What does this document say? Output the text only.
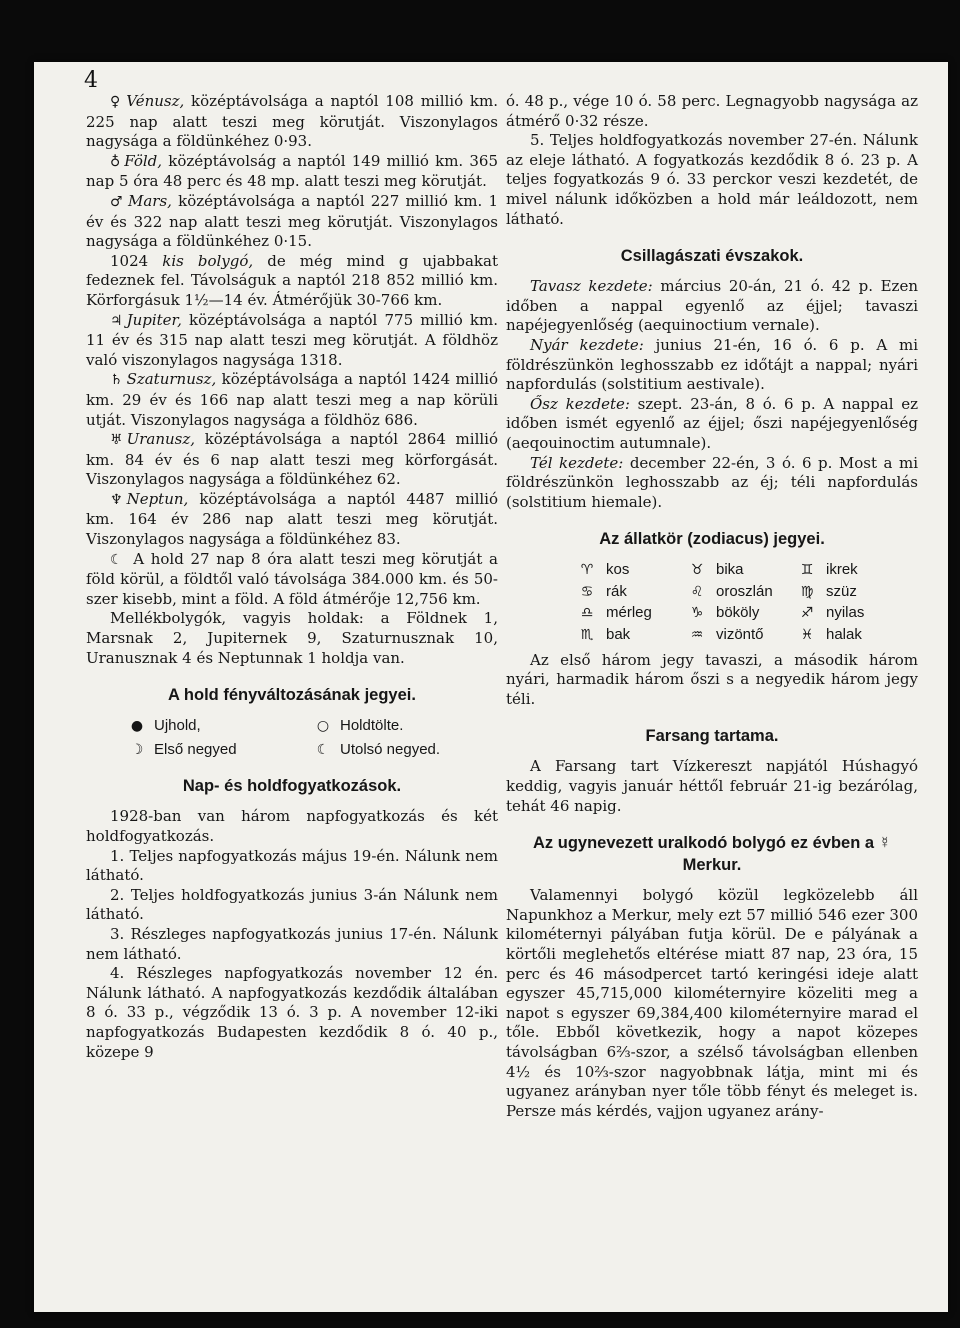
4

♀ Vénusz, középtávolsága a naptól 108 millió km. 225 nap alatt teszi meg körutját. Viszonylagos nagysága a földünkéhez 0·93.

♁ Föld, középtávolság a naptól 149 millió km. 365 nap 5 óra 48 perc és 48 mp. alatt teszi meg körutját.

♂ Mars, középtávolsága a naptól 227 millió km. 1 év és 322 nap alatt teszi meg körutját. Viszonylagos nagysága a földünkéhez 0·15.

1024 kis bolygó, de még mind g ujabbakat fedeznek fel. Távolságuk a naptól 218 852 millió km. Körforgásuk 1½—14 év. Átmérőjük 30-766 km.

♃ Jupiter, középtávolsága a naptól 775 millió km. 11 év és 315 nap alatt teszi meg körutját. A földhöz való viszonylagos nagysága 1318.

♄ Szaturnusz, középtávolsága a naptól 1424 millió km. 29 év és 166 nap alatt teszi meg a nap körüli utját. Viszonylagos nagysága a földhöz 686.

♅ Uranusz, középtávolsága a naptól 2864 millió km. 84 év és 6 nap alatt teszi meg körforgását. Viszonylagos nagysága a földünkéhez 62.

♆ Neptun, középtávolsága a naptól 4487 millió km. 164 év 286 nap alatt teszi meg körutját. Viszonylagos nagysága a földünkéhez 83.

☾ A hold 27 nap 8 óra alatt teszi meg körutját a föld körül, a földtől való távolsága 384.000 km. és 50-szer kisebb, mint a föld. A föld átmérője 12,756 km.

Mellékbolygók, vagyis holdak: a Földnek 1, Marsnak 2, Jupiternek 9, Szaturnusznak 10, Uranusznak 4 és Neptunnak 1 holdja van.

A hold fényváltozásának jegyei.
● Ujhold,	○ Holdtölte.
☽ Első negyed	☾ Utolsó negyed.
Nap- és holdfogyatkozások.

1928-ban van három napfogyatkozás és két holdfogyatkozás.

1. Teljes napfogyatkozás május 19-én. Nálunk nem látható.

2. Teljes holdfogyatkozás junius 3-án Nálunk nem látható.

3. Részleges napfogyatkozás junius 17-én. Nálunk nem látható.

4. Részleges napfogyatkozás november 12 én. Nálunk látható. A napfogyatkozás kezdődik általában 8 ó. 33 p., végződik 13 ó. 3 p. A november 12-iki napfogyatkozás Budapesten kezdődik 8 ó. 40 p., közepe 9

ó. 48 p., vége 10 ó. 58 perc. Legnagyobb nagysága az átmérő 0·32 része.

5. Teljes holdfogyatkozás november 27-én. Nálunk az eleje látható. A fogyatkozás kezdődik 8 ó. 23 p. A teljes fogyatkozás 9 ó. 33 perckor veszi kezdetét, de mivel nálunk időközben a hold már leáldozott, nem látható.

Csillagászati évszakok.

Tavasz kezdete: március 20-án, 21 ó. 42 p. Ezen időben a nappal egyenlő az éjjel; tavaszi napéjegyenlőség (aequinoctium vernale).

Nyár kezdete: junius 21-én, 16 ó. 6 p. A mi földrészünkön leghosszabb ez időtájt a nappal; nyári napfordulás (solstitium aestivale).

Ősz kezdete: szept. 23-án, 8 ó. 6 p. A nappal ez időben ismét egyenlő az éjjel; őszi napéjegyenlőség (aeqouinoctim autumnale).

Tél kezdete: december 22-én, 3 ó. 6 p. Most a mi földrészünkön leghosszabb az éj; téli napfordulás (solstitium hiemale).

Az állatkör (zodiacus) jegyei.
♈ kos	♉ bika	♊ ikrek
♋ rák	♌ oroszlán	♍ szüz
♎ mérleg	♑ bököly	♐ nyilas
♏ bak	♒ vizöntő	♓ halak

Az első három jegy tavaszi, a második három nyári, harmadik három őszi s a negyedik három jegy téli.

Farsang tartama.

A Farsang tart Vízkereszt napjától Húshagyó keddig, vagyis január héttől február 21-ig bezárólag, tehát 46 napig.

Az ugynevezett uralkodó bolygó ez évben a ☿ Merkur.

Valamennyi bolygó közül legközelebb áll Napunkhoz a Merkur, mely ezt 57 millió 546 ezer 300 kilométernyi pályában futja körül. De e pályának a körtőli meglehetős eltérése miatt 87 nap, 23 óra, 15 perc és 46 másodpercet tartó keringési ideje alatt egyszer 45,715,000 kilométernyire közeliti meg a napot s egyszer 69,384,400 kilométernyire marad el tőle. Ebből következik, hogy a napot közepes távolságban 6⅔-szor, a szélső távolságban ellenben 4½ és 10⅔-szor nagyobbnak látja, mint mi és ugyanez arányban nyer tőle több fényt és meleget is. Persze más kérdés, vajjon ugyanez arány-
